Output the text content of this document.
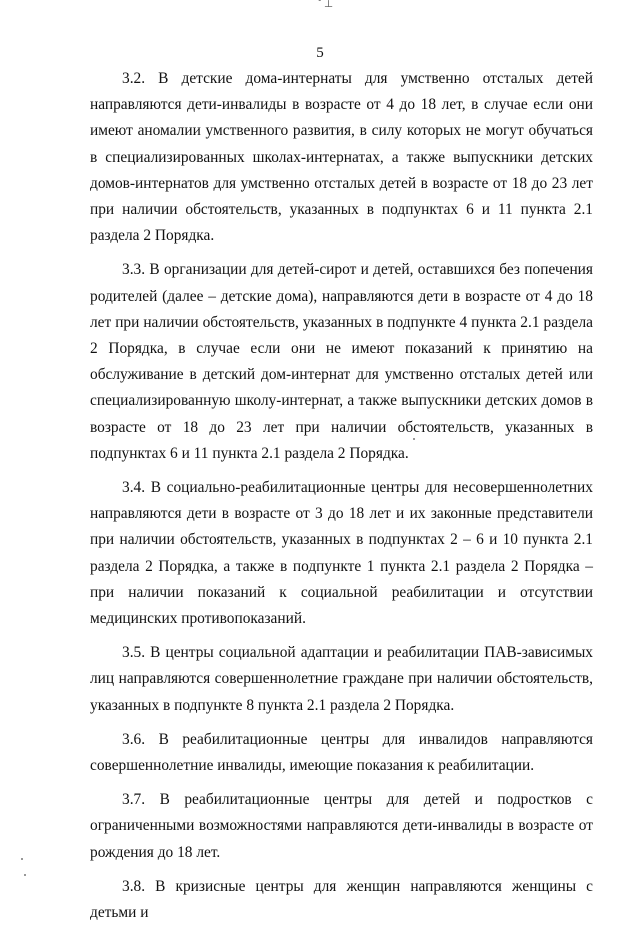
ˇ ⊥
5

3.2. В детские дома-интернаты для умственно отсталых детей направляются дети-инвалиды в возрасте от 4 до 18 лет, в случае если они имеют аномалии умственного развития, в силу которых не могут обучаться в специализированных школах-интернатах, а также выпускники детских домов-интернатов для умственно отсталых детей в возрасте от 18 до 23 лет при наличии обстоятельств, указанных в подпунктах 6 и 11 пункта 2.1 раздела 2 Порядка.

3.3. В организации для детей-сирот и детей, оставшихся без попечения родителей (далее – детские дома), направляются дети в возрасте от 4 до 18 лет при наличии обстоятельств, указанных в подпункте 4 пункта 2.1 раздела 2 Порядка, в случае если они не имеют показаний к принятию на обслуживание в детский дом-интернат для умственно отсталых детей или специализированную школу-интернат, а также выпускники детских домов в возрасте от 18 до 23 лет при наличии обстоятельств, указанных в подпунктах 6 и 11 пункта 2.1 раздела 2 Порядка.

3.4. В социально-реабилитационные центры для несовершеннолетних направляются дети в возрасте от 3 до 18 лет и их законные представители при наличии обстоятельств, указанных в подпунктах 2 – 6 и 10 пункта 2.1 раздела 2 Порядка, а также в подпункте 1 пункта 2.1 раздела 2 Порядка – при наличии показаний к социальной реабилитации и отсутствии медицинских противопоказаний.

3.5. В центры социальной адаптации и реабилитации ПАВ-зависимых лиц направляются совершеннолетние граждане при наличии обстоятельств, указанных в подпункте 8 пункта 2.1 раздела 2 Порядка.

3.6. В реабилитационные центры для инвалидов направляются совершеннолетние инвалиды, имеющие показания к реабилитации.

3.7. В реабилитационные центры для детей и подростков с ограниченными возможностями направляются дети-инвалиды в возрасте от рождения до 18 лет.

3.8. В кризисные центры для женщин направляются женщины с детьми и
